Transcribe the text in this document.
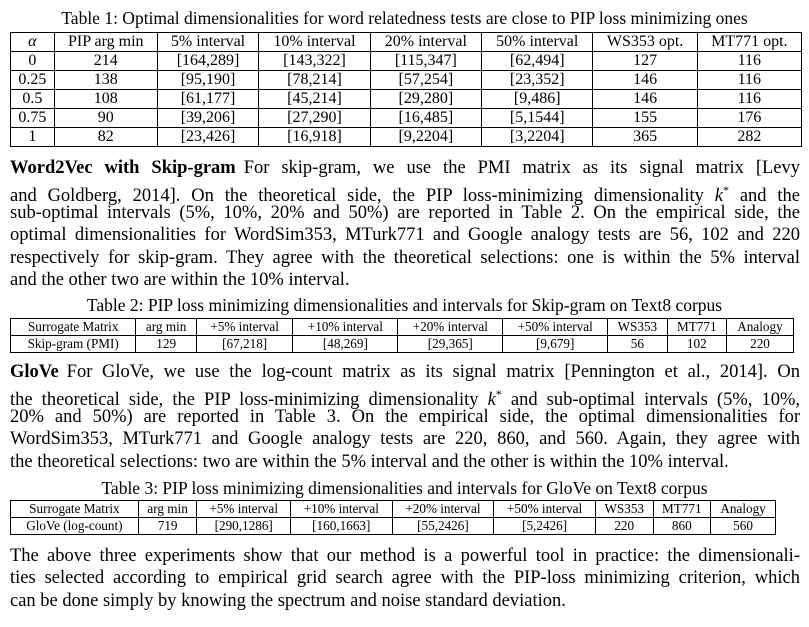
Table 1: Optimal dimensionalities for word relatedness tests are close to PIP loss minimizing ones
α	PIP arg min	5% interval	10% interval	20% interval	50% interval	WS353 opt.	MT771 opt.
0	214	[164,289]	[143,322]	[115,347]	[62,494]	127	116
0.25	138	[95,190]	[78,214]	[57,254]	[23,352]	146	116
0.5	108	[61,177]	[45,214]	[29,280]	[9,486]	146	116
0.75	90	[39,206]	[27,290]	[16,485]	[5,1544]	155	176
1	82	[23,426]	[16,918]	[9,2204]	[3,2204]	365	282
Word2Vec with Skip-gram For skip-gram, we use the PMI matrix as its signal matrix [Levy
and Goldberg, 2014]. On the theoretical side, the PIP loss-minimizing dimensionality k* and the
sub-optimal intervals (5%, 10%, 20% and 50%) are reported in Table 2. On the empirical side, the
optimal dimensionalities for WordSim353, MTurk771 and Google analogy tests are 56, 102 and 220
respectively for skip-gram. They agree with the theoretical selections: one is within the 5% interval
and the other two are within the 10% interval.
Table 2: PIP loss minimizing dimensionalities and intervals for Skip-gram on Text8 corpus
Surrogate Matrix	arg min	+5% interval	+10% interval	+20% interval	+50% interval	WS353	MT771	Analogy
Skip-gram (PMI)	129	[67,218]	[48,269]	[29,365]	[9,679]	56	102	220
GloVe For GloVe, we use the log-count matrix as its signal matrix [Pennington et al., 2014]. On
the theoretical side, the PIP loss-minimizing dimensionality k* and sub-optimal intervals (5%, 10%,
20% and 50%) are reported in Table 3. On the empirical side, the optimal dimensionalities for
WordSim353, MTurk771 and Google analogy tests are 220, 860, and 560. Again, they agree with
the theoretical selections: two are within the 5% interval and the other is within the 10% interval.
Table 3: PIP loss minimizing dimensionalities and intervals for GloVe on Text8 corpus
Surrogate Matrix	arg min	+5% interval	+10% interval	+20% interval	+50% interval	WS353	MT771	Analogy
GloVe (log-count)	719	[290,1286]	[160,1663]	[55,2426]	[5,2426]	220	860	560
The above three experiments show that our method is a powerful tool in practice: the dimensionali-
ties selected according to empirical grid search agree with the PIP-loss minimizing criterion, which
can be done simply by knowing the spectrum and noise standard deviation.
